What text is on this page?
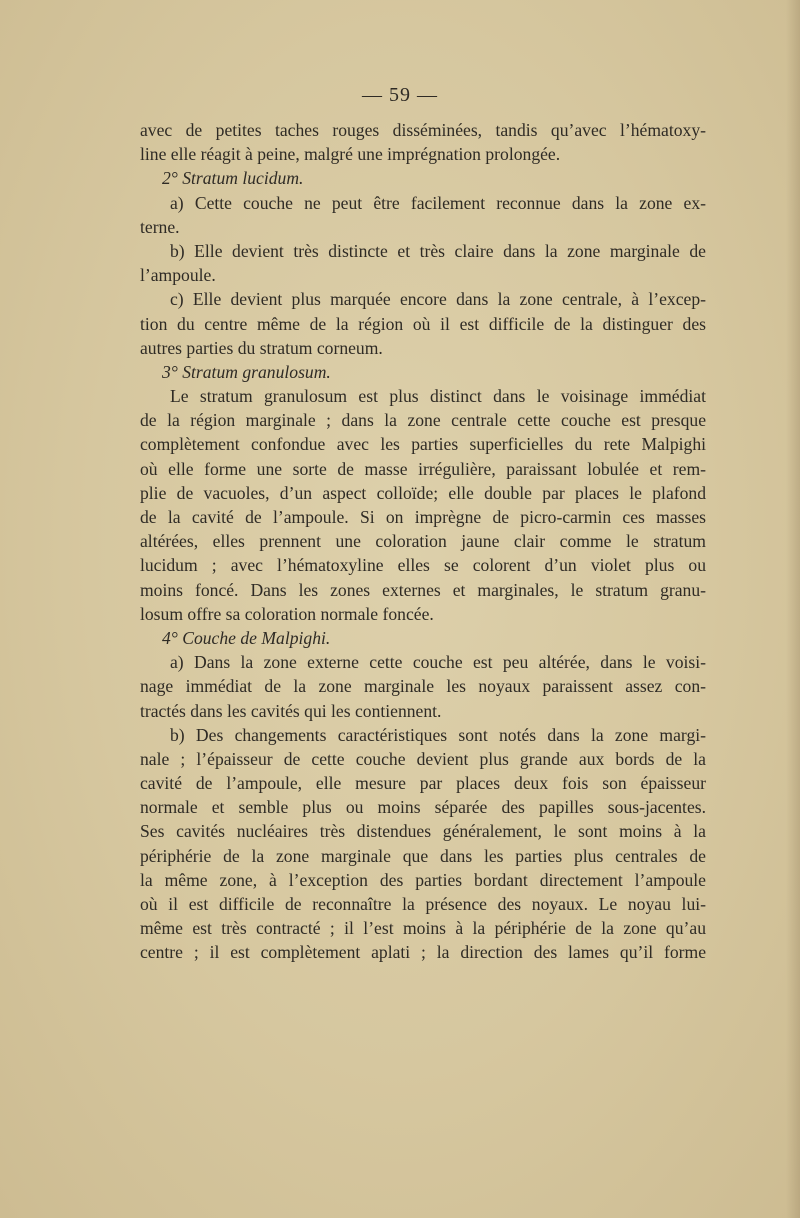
— 59 —
avec de petites taches rouges disséminées, tandis qu’avec l’hématoxy-
line elle réagit à peine, malgré une imprégnation prolongée.
2° Stratum lucidum.
a) Cette couche ne peut être facilement reconnue dans la zone ex-
terne.
b) Elle devient très distincte et très claire dans la zone marginale de
l’ampoule.
c) Elle devient plus marquée encore dans la zone centrale, à l’excep-
tion du centre même de la région où il est difficile de la distinguer des
autres parties du stratum corneum.
3° Stratum granulosum.
Le stratum granulosum est plus distinct dans le voisinage immédiat
de la région marginale ; dans la zone centrale cette couche est presque
complètement confondue avec les parties superficielles du rete Malpighi
où elle forme une sorte de masse irrégulière, paraissant lobulée et rem-
plie de vacuoles, d’un aspect colloïde; elle double par places le plafond
de la cavité de l’ampoule. Si on imprègne de picro-carmin ces masses
altérées, elles prennent une coloration jaune clair comme le stratum
lucidum ; avec l’hématoxyline elles se colorent d’un violet plus ou
moins foncé. Dans les zones externes et marginales, le stratum granu-
losum offre sa coloration normale foncée.
4° Couche de Malpighi.
a) Dans la zone externe cette couche est peu altérée, dans le voisi-
nage immédiat de la zone marginale les noyaux paraissent assez con-
tractés dans les cavités qui les contiennent.
b) Des changements caractéristiques sont notés dans la zone margi-
nale ; l’épaisseur de cette couche devient plus grande aux bords de la
cavité de l’ampoule, elle mesure par places deux fois son épaisseur
normale et semble plus ou moins séparée des papilles sous-jacentes.
Ses cavités nucléaires très distendues généralement, le sont moins à la
périphérie de la zone marginale que dans les parties plus centrales de
la même zone, à l’exception des parties bordant directement l’ampoule
où il est difficile de reconnaître la présence des noyaux. Le noyau lui-
même est très contracté ; il l’est moins à la périphérie de la zone qu’au
centre ; il est complètement aplati ; la direction des lames qu’il forme
